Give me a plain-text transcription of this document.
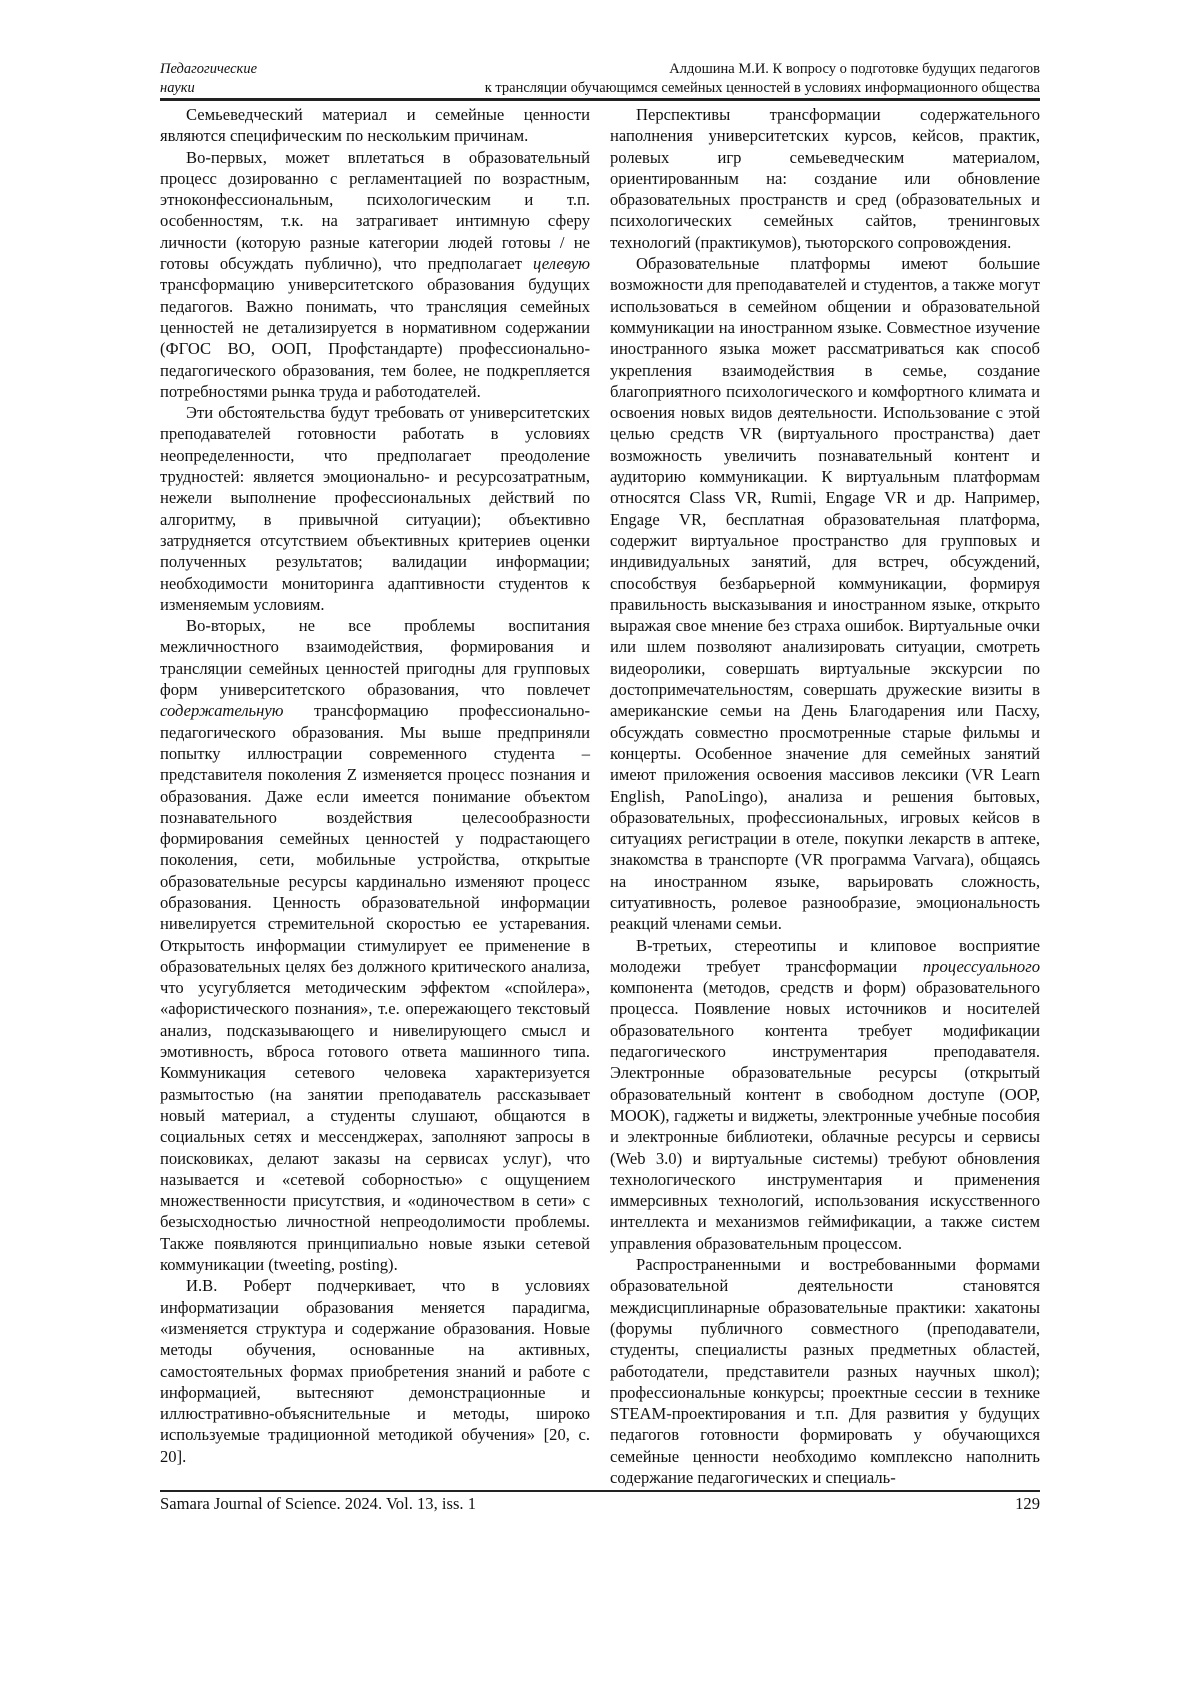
Педагогические науки
Алдошина М.И. К вопросу о подготовке будущих педагогов
к трансляции обучающимся семейных ценностей в условиях информационного общества

Семьеведческий материал и семейные ценности являются специфическим по нескольким причинам.

Во-первых, может вплетаться в образовательный процесс дозированно с регламентацией по возрастным, этноконфессиональным, психологическим и т.п. особенностям, т.к. на затрагивает интимную сферу личности (которую разные категории людей готовы / не готовы обсуждать публично), что предполагает целевую трансформацию университетского образования будущих педагогов. Важно понимать, что трансляция семейных ценностей не детализируется в нормативном содержании (ФГОС ВО, ООП, Профстандарте) профессионально-педагогического образования, тем более, не подкрепляется потребностями рынка труда и работодателей.

Эти обстоятельства будут требовать от университетских преподавателей готовности работать в условиях неопределенности, что предполагает преодоление трудностей: является эмоционально- и ресурсозатратным, нежели выполнение профессиональных действий по алгоритму, в привычной ситуации); объективно затрудняется отсутствием объективных критериев оценки полученных результатов; валидации информации; необходимости мониторинга адаптивности студентов к изменяемым условиям.

Во-вторых, не все проблемы воспитания межличностного взаимодействия, формирования и трансляции семейных ценностей пригодны для групповых форм университетского образования, что повлечет содержательную трансформацию профессионально-педагогического образования. Мы выше предприняли попытку иллюстрации современного студента – представителя поколения Z изменяется процесс познания и образования. Даже если имеется понимание объектом познавательного воздействия целесообразности формирования семейных ценностей у подрастающего поколения, сети, мобильные устройства, открытые образовательные ресурсы кардинально изменяют процесс образования. Ценность образовательной информации нивелируется стремительной скоростью ее устаревания. Открытость информации стимулирует ее применение в образовательных целях без должного критического анализа, что усугубляется методическим эффектом «спойлера», «афористического познания», т.е. опережающего текстовый анализ, подсказывающего и нивелирующего смысл и эмотивность, вброса готового ответа машинного типа. Коммуникация сетевого человека характеризуется размытостью (на занятии преподаватель рассказывает новый материал, а студенты слушают, общаются в социальных сетях и мессенджерах, заполняют запросы в поисковиках, делают заказы на сервисах услуг), что называется и «сетевой соборностью» с ощущением множественности присутствия, и «одиночеством в сети» с безысходностью личностной непреодолимости проблемы. Также появляются принципиально новые языки сетевой коммуникации (tweeting, posting).

И.В. Роберт подчеркивает, что в условиях информатизации образования меняется парадигма, «изменяется структура и содержание образования. Новые методы обучения, основанные на активных, самостоятельных формах приобретения знаний и работе с информацией, вытесняют демонстрационные и иллюстративно-объяснительные и методы, широко используемые традиционной методикой обучения» [20, с. 20].

Перспективы трансформации содержательного наполнения университетских курсов, кейсов, практик, ролевых игр семьеведческим материалом, ориентированным на: создание или обновление образовательных пространств и сред (образовательных и психологических семейных сайтов, тренинговых технологий (практикумов), тьюторского сопровождения.

Образовательные платформы имеют большие возможности для преподавателей и студентов, а также могут использоваться в семейном общении и образовательной коммуникации на иностранном языке. Совместное изучение иностранного языка может рассматриваться как способ укрепления взаимодействия в семье, создание благоприятного психологического и комфортного климата и освоения новых видов деятельности. Использование с этой целью средств VR (виртуального пространства) дает возможность увеличить познавательный контент и аудиторию коммуникации. К виртуальным платформам относятся Class VR, Rumii, Engage VR и др. Например, Engage VR, бесплатная образовательная платформа, содержит виртуальное пространство для групповых и индивидуальных занятий, для встреч, обсуждений, способствуя безбарьерной коммуникации, формируя правильность высказывания и иностранном языке, открыто выражая свое мнение без страха ошибок. Виртуальные очки или шлем позволяют анализировать ситуации, смотреть видеоролики, совершать виртуальные экскурсии по достопримечательностям, совершать дружеские визиты в американские семьи на День Благодарения или Пасху, обсуждать совместно просмотренные старые фильмы и концерты. Особенное значение для семейных занятий имеют приложения освоения массивов лексики (VR Learn English, PanoLingo), анализа и решения бытовых, образовательных, профессиональных, игровых кейсов в ситуациях регистрации в отеле, покупки лекарств в аптеке, знакомства в транспорте (VR программа Varvara), общаясь на иностранном языке, варьировать сложность, ситуативность, ролевое разнообразие, эмоциональность реакций членами семьи.

В-третьих, стереотипы и клиповое восприятие молодежи требует трансформации процессуального компонента (методов, средств и форм) образовательного процесса. Появление новых источников и носителей образовательного контента требует модификации педагогического инструментария преподавателя. Электронные образовательные ресурсы (открытый образовательный контент в свободном доступе (ООР, МООК), гаджеты и виджеты, электронные учебные пособия и электронные библиотеки, облачные ресурсы и сервисы (Web 3.0) и виртуальные системы) требуют обновления технологического инструментария и применения иммерсивных технологий, использования искусственного интеллекта и механизмов геймификации, а также систем управления образовательным процессом.

Распространенными и востребованными формами образовательной деятельности становятся междисциплинарные образовательные практики: хакатоны (форумы публичного совместного (преподаватели, студенты, специалисты разных предметных областей, работодатели, представители разных научных школ); профессиональные конкурсы; проектные сессии в технике STEAM-проектирования и т.п. Для развития у будущих педагогов готовности формировать у обучающихся семейные ценности необходимо комплексно наполнить содержание педагогических и специаль-

Samara Journal of Science. 2024. Vol. 13, iss. 1	129
